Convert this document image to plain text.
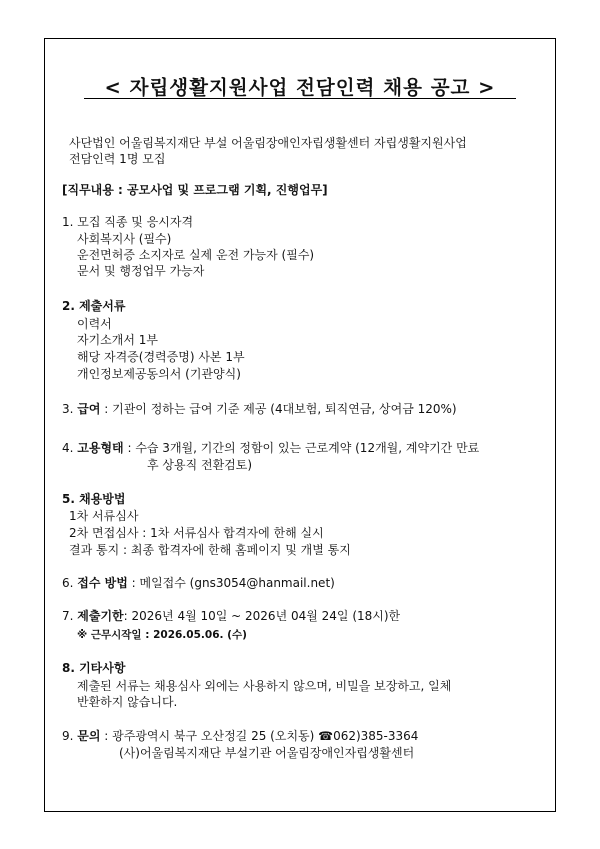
< 자립생활지원사업 전담인력 채용 공고 >
사단법인 어울림복지재단 부설 어울림장애인자립생활센터 자립생활지원사업
전담인력 1명 모집
[직무내용 : 공모사업 및 프로그램 기획, 진행업무]
1. 모집 직종 및 응시자격
사회복지사 (필수)
운전면허증 소지자로 실제 운전 가능자 (필수)
문서 및 행정업무 가능자
2. 제출서류
이력서
자기소개서 1부
해당 자격증(경력증명) 사본 1부
개인정보제공동의서 (기관양식)
3. 급여 : 기관이 정하는 급여 기준 제공 (4대보험, 퇴직연금, 상여금 120%)
4. 고용형태 : 수습 3개월, 기간의 정함이 있는 근로계약 (12개월, 계약기간 만료
후 상용직 전환검토)
5. 채용방법
1차 서류심사
2차 면접심사 : 1차 서류심사 합격자에 한해 실시
결과 통지 : 최종 합격자에 한해 홈페이지 및 개별 통지
6. 접수 방법 : 메일접수 (gns3054@hanmail.net)
7. 제출기한: 2026년 4월 10일 ~ 2026년 04월 24일 (18시)한
※ 근무시작일 : 2026.05.06. (수)
8. 기타사항
제출된 서류는 채용심사 외에는 사용하지 않으며, 비밀을 보장하고, 일체
반환하지 않습니다.
9. 문의 : 광주광역시 북구 오산정길 25 (오치동) ☎062)385-3364
(사)어울림복지재단 부설기관 어울림장애인자립생활센터
